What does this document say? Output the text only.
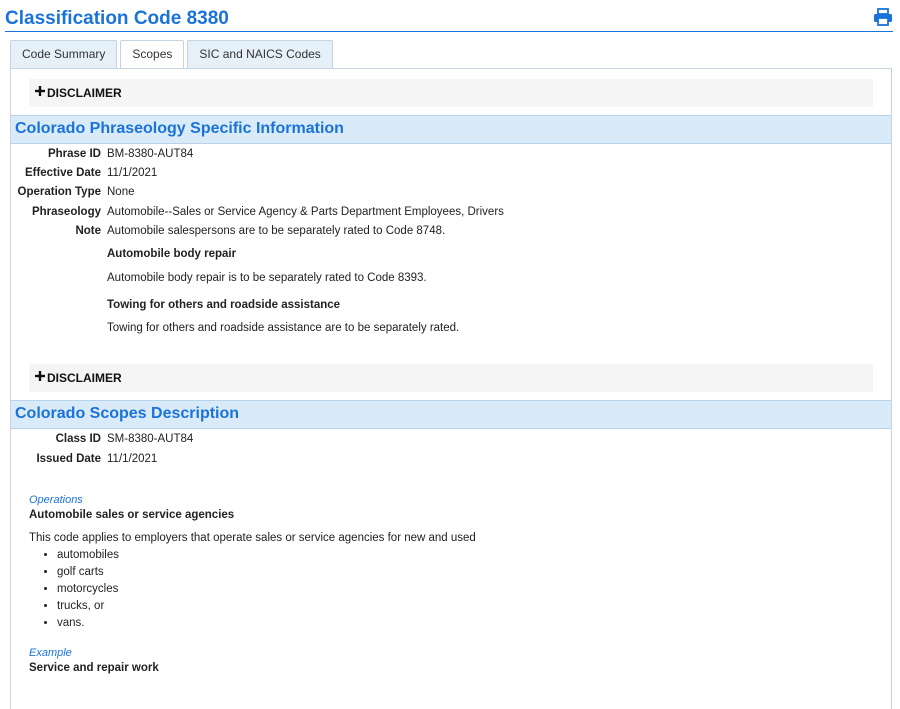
Classification Code 8380
Code Summary	Scopes	SIC and NAICS Codes
DISCLAIMER
Colorado Phraseology Specific Information
Phrase ID BM-8380-AUT84
Effective Date 11/1/2021
Operation Type None
Phraseology Automobile--Sales or Service Agency & Parts Department Employees, Drivers
Note Automobile salespersons are to be separately rated to Code 8748.
Automobile body repair
Automobile body repair is to be separately rated to Code 8393.
Towing for others and roadside assistance
Towing for others and roadside assistance are to be separately rated.
DISCLAIMER
Colorado Scopes Description
Class ID SM-8380-AUT84
Issued Date 11/1/2021
Operations
Automobile sales or service agencies
This code applies to employers that operate sales or service agencies for new and used
• automobiles
• golf carts
• motorcycles
• trucks, or
• vans.
Example
Service and repair work
